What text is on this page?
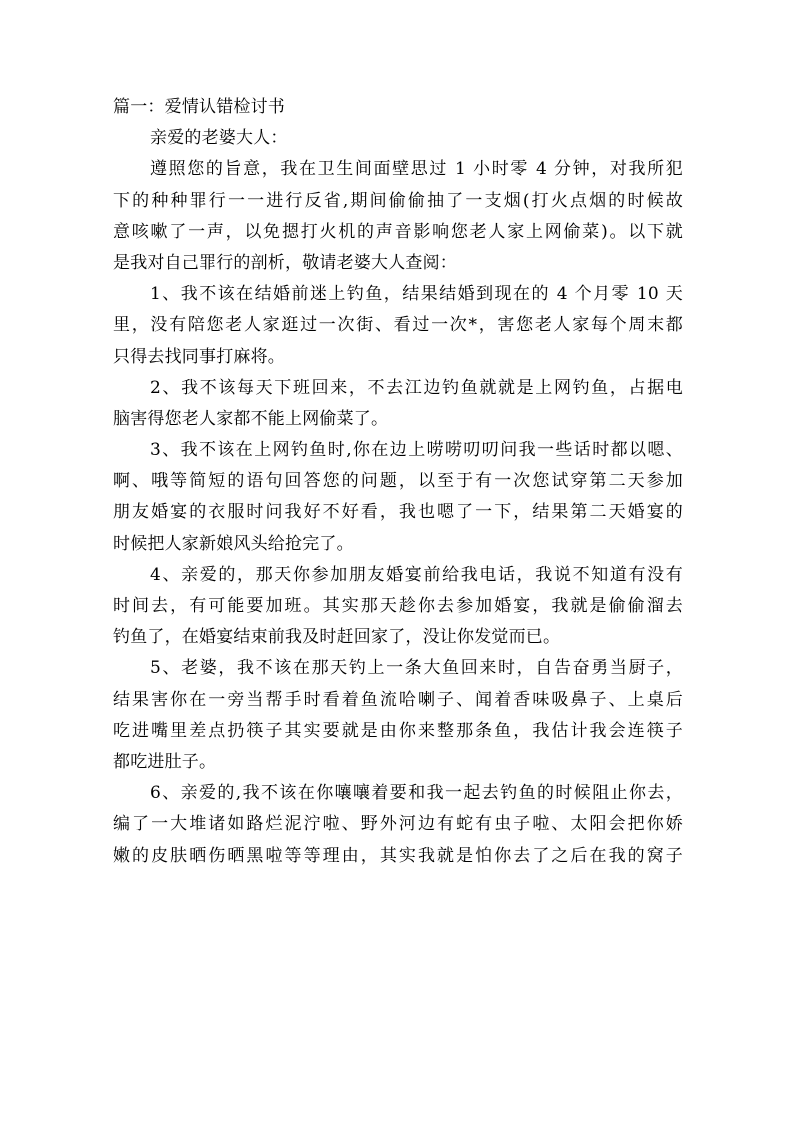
篇一：爱情认错检讨书

亲爱的老婆大人：

遵照您的旨意，我在卫生间面壁思过 1 小时零 4 分钟，对我所犯

下的种种罪行一一进行反省,期间偷偷抽了一支烟(打火点烟的时候故

意咳嗽了一声，以免摁打火机的声音影响您老人家上网偷菜)。以下就

是我对自己罪行的剖析，敬请老婆大人查阅：

1、我不该在结婚前迷上钓鱼，结果结婚到现在的 4 个月零 10 天

里，没有陪您老人家逛过一次街、看过一次*，害您老人家每个周末都

只得去找同事打麻将。

2、我不该每天下班回来，不去江边钓鱼就就是上网钓鱼，占据电

脑害得您老人家都不能上网偷菜了。

3、我不该在上网钓鱼时,你在边上唠唠叨叨问我一些话时都以嗯、

啊、哦等简短的语句回答您的问题，以至于有一次您试穿第二天参加

朋友婚宴的衣服时问我好不好看，我也嗯了一下，结果第二天婚宴的

时候把人家新娘风头给抢完了。

4、亲爱的，那天你参加朋友婚宴前给我电话，我说不知道有没有

时间去，有可能要加班。其实那天趁你去参加婚宴，我就是偷偷溜去

钓鱼了，在婚宴结束前我及时赶回家了，没让你发觉而已。

5、老婆，我不该在那天钓上一条大鱼回来时，自告奋勇当厨子，

结果害你在一旁当帮手时看着鱼流哈喇子、闻着香味吸鼻子、上桌后

吃进嘴里差点扔筷子其实要就是由你来整那条鱼，我估计我会连筷子

都吃进肚子。

6、亲爱的,我不该在你嚷嚷着要和我一起去钓鱼的时候阻止你去，

编了一大堆诸如路烂泥泞啦、野外河边有蛇有虫子啦、太阳会把你娇

嫩的皮肤晒伤晒黑啦等等理由，其实我就是怕你去了之后在我的窝子
